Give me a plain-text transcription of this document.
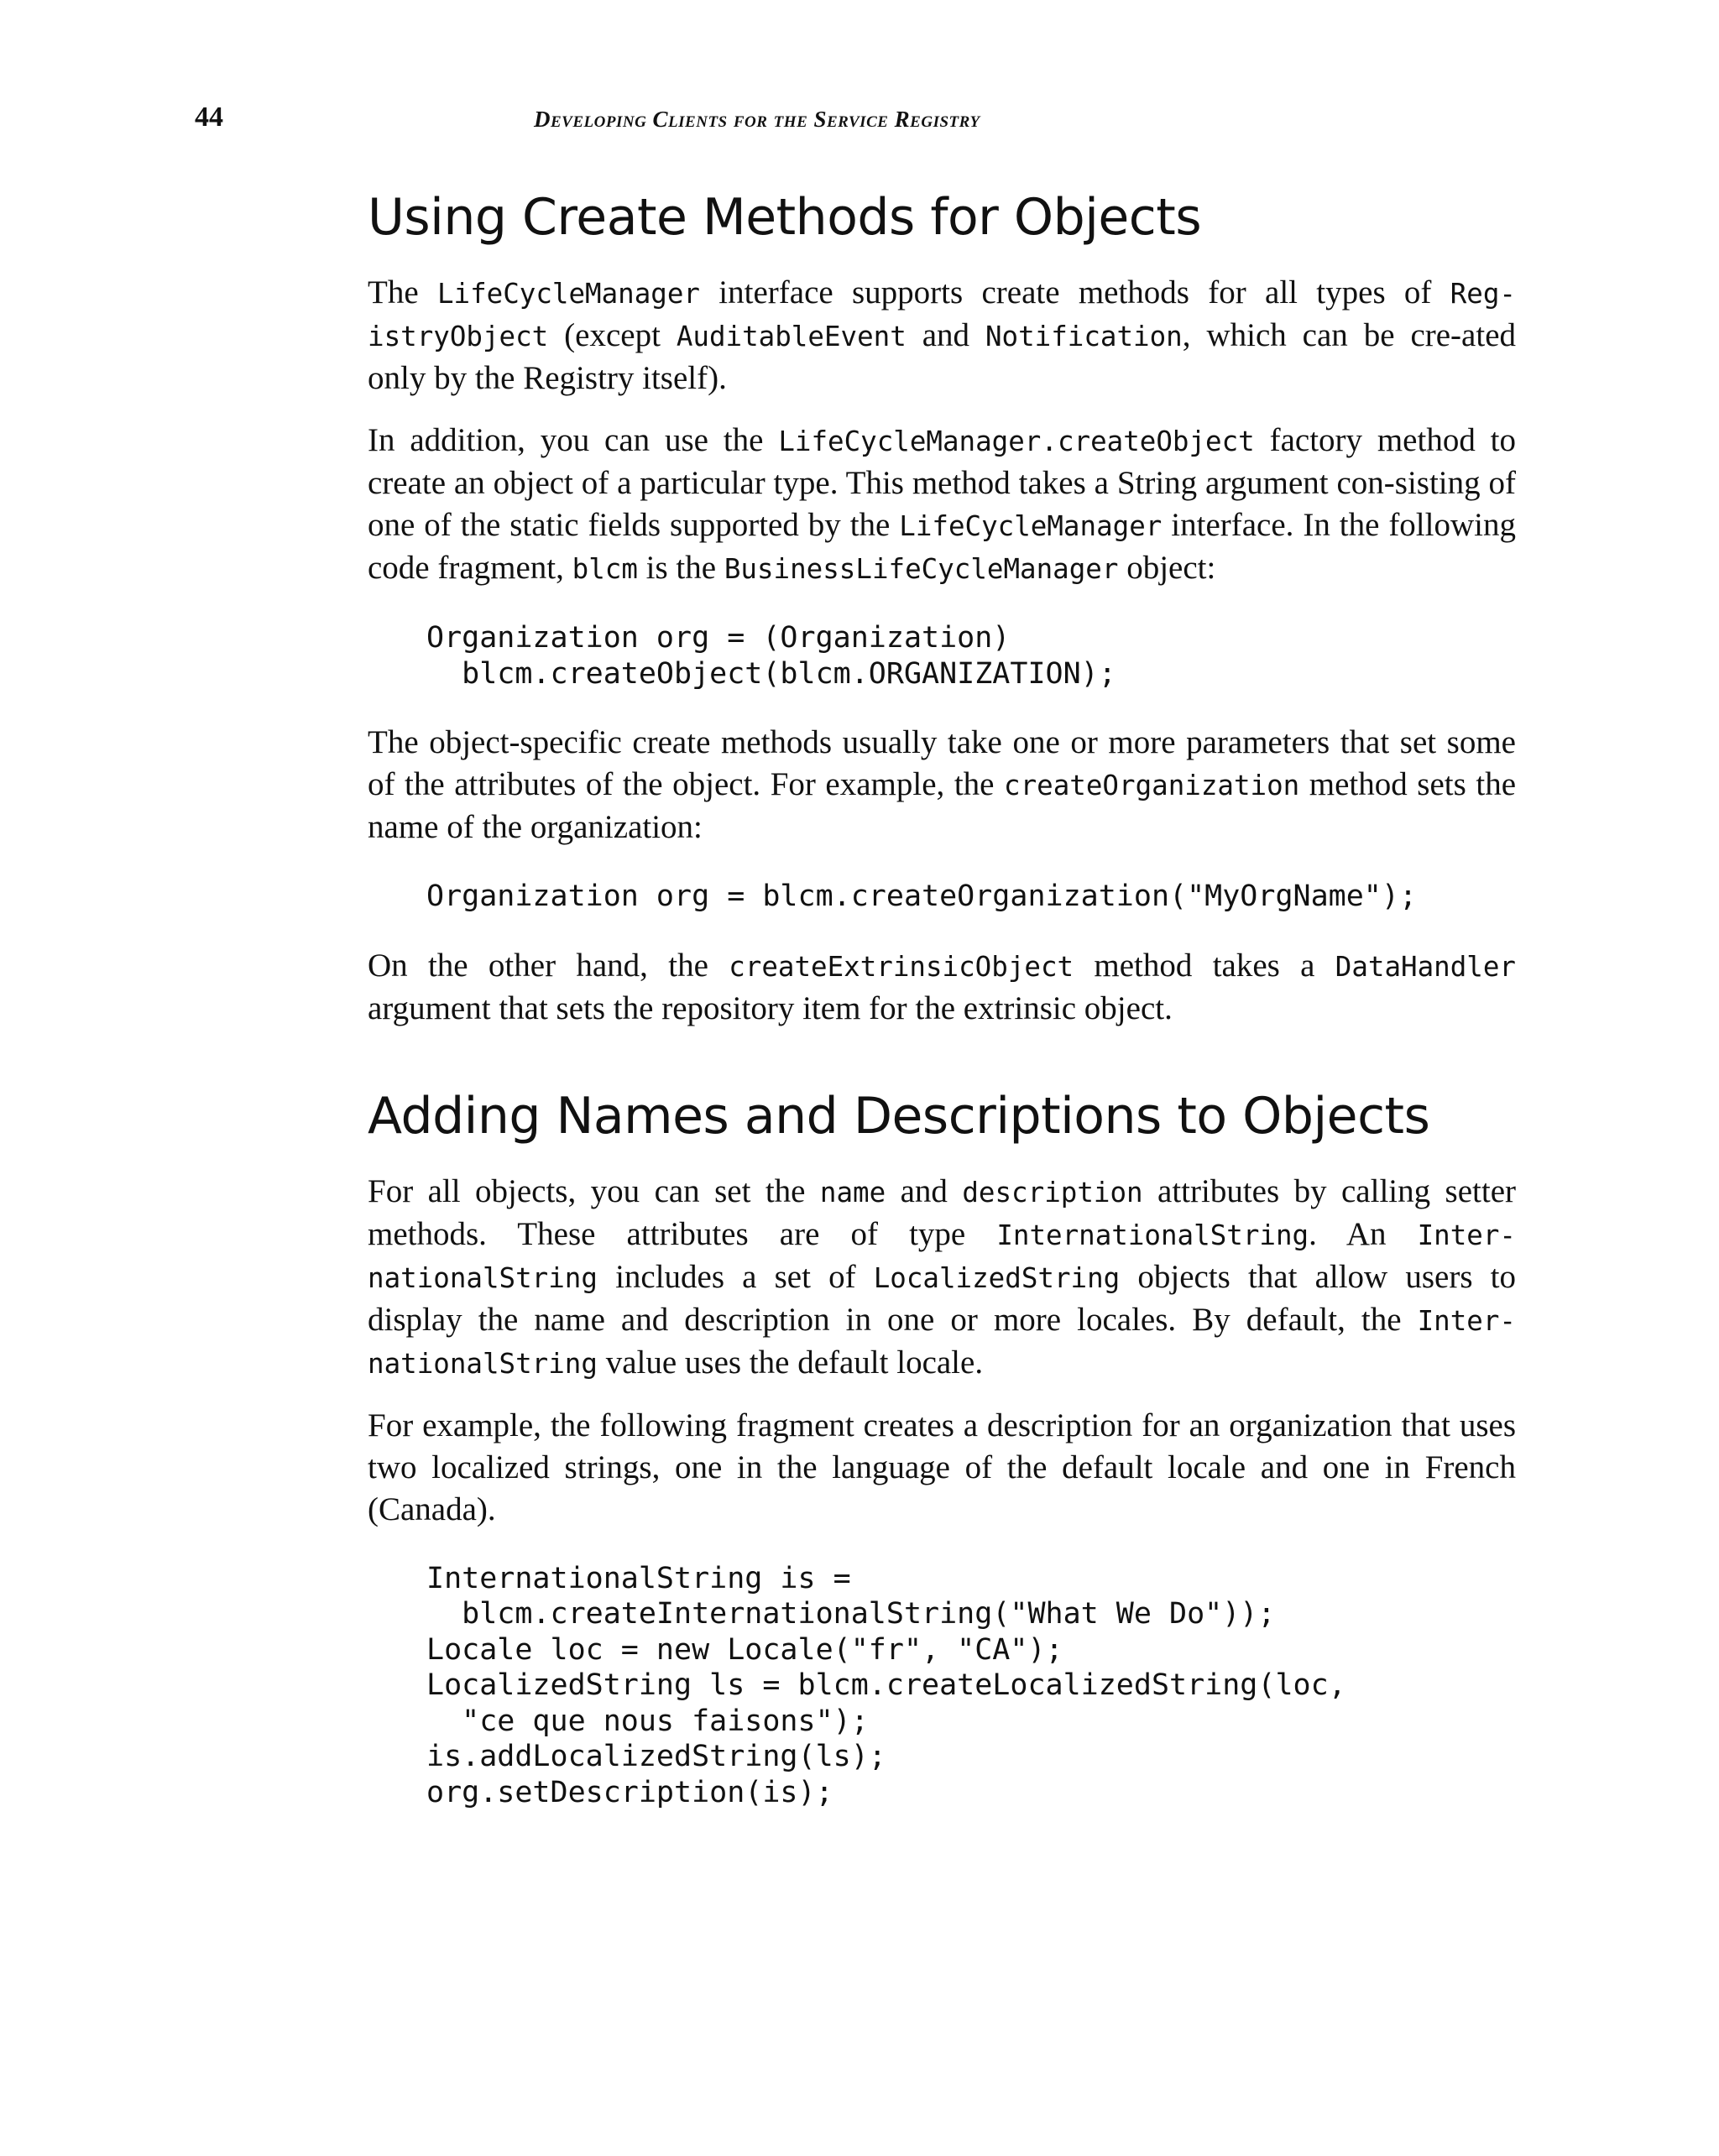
44	Developing Clients for the Service Registry
Using Create Methods for Objects

The LifeCycleManager interface supports create methods for all types of Reg-istryObject (except AuditableEvent and Notification, which can be cre-ated only by the Registry itself).

In addition, you can use the LifeCycleManager.createObject factory method to create an object of a particular type. This method takes a String argument con-sisting of one of the static fields supported by the LifeCycleManager interface. In the following code fragment, blcm is the BusinessLifeCycleManager object:

Organization org = (Organization)
blcm.createObject(blcm.ORGANIZATION);

The object-specific create methods usually take one or more parameters that set some of the attributes of the object. For example, the createOrganization method sets the name of the organization:

Organization org = blcm.createOrganization("MyOrgName");

On the other hand, the createExtrinsicObject method takes a DataHandler argument that sets the repository item for the extrinsic object.

Adding Names and Descriptions to Objects

For all objects, you can set the name and description attributes by calling setter methods. These attributes are of type InternationalString. An Inter-nationalString includes a set of LocalizedString objects that allow users to display the name and description in one or more locales. By default, the Inter-nationalString value uses the default locale.

For example, the following fragment creates a description for an organization that uses two localized strings, one in the language of the default locale and one in French (Canada).

InternationalString is =
blcm.createInternationalString("What We Do"));
Locale loc = new Locale("fr", "CA");
LocalizedString ls = blcm.createLocalizedString(loc,
"ce que nous faisons");
is.addLocalizedString(ls);
org.setDescription(is);
